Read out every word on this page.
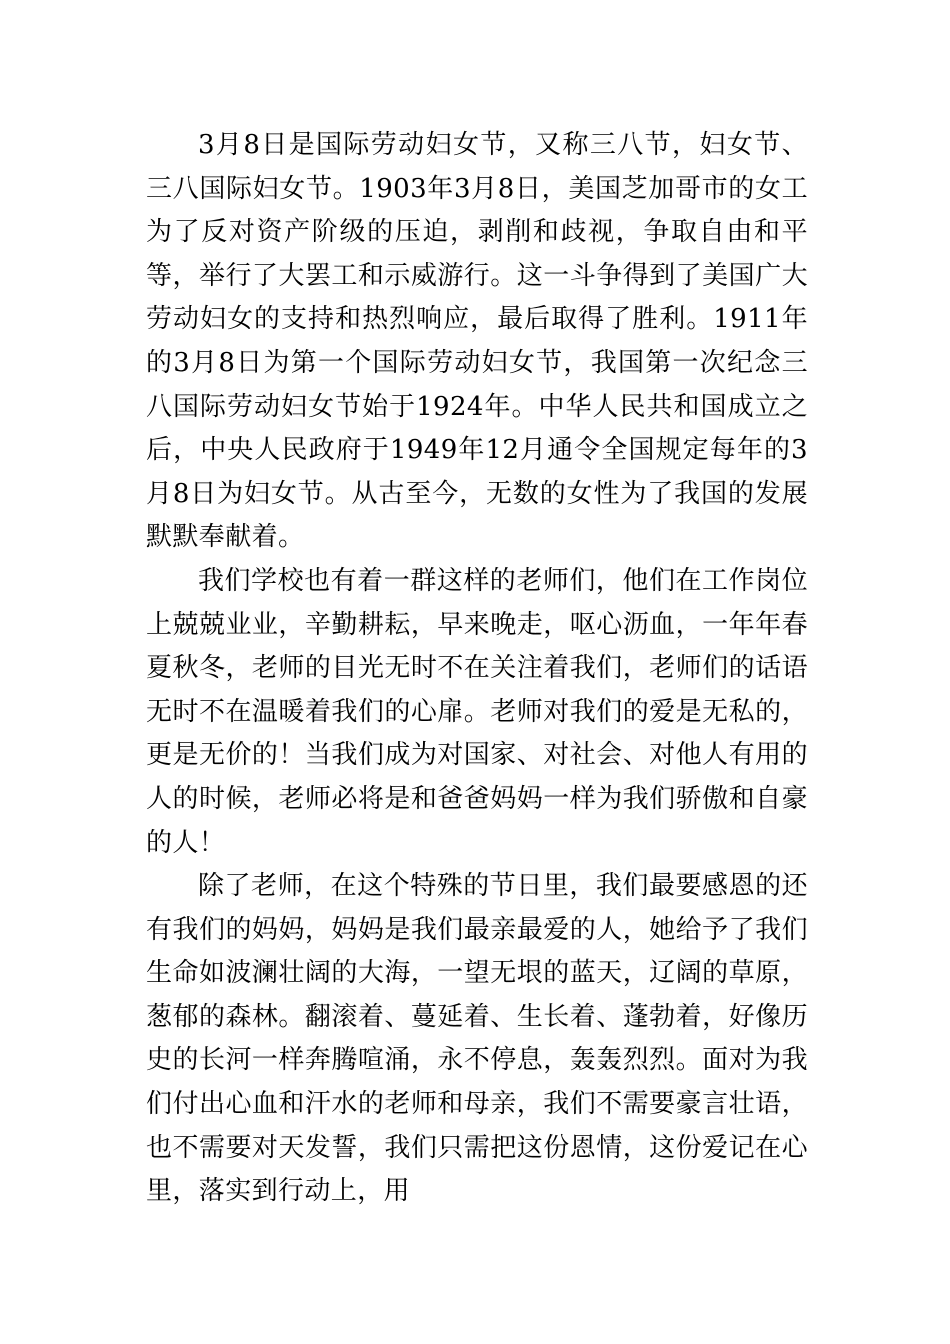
3月8日是国际劳动妇女节，又称三八节，妇女节、三八国际妇女节。1903年3月8日，美国芝加哥市的女工为了反对资产阶级的压迫，剥削和歧视，争取自由和平等，举行了大罢工和示威游行。这一斗争得到了美国广大劳动妇女的支持和热烈响应，最后取得了胜利。1911年的3月8日为第一个国际劳动妇女节，我国第一次纪念三八国际劳动妇女节始于1924年。中华人民共和国成立之后，中央人民政府于1949年12月通令全国规定每年的3月8日为妇女节。从古至今，无数的女性为了我国的发展默默奉献着。

我们学校也有着一群这样的老师们，他们在工作岗位上兢兢业业，辛勤耕耘，早来晚走，呕心沥血，一年年春夏秋冬，老师的目光无时不在关注着我们，老师们的话语无时不在温暖着我们的心扉。老师对我们的爱是无私的，更是无价的！当我们成为对国家、对社会、对他人有用的人的时候，老师必将是和爸爸妈妈一样为我们骄傲和自豪的人！

除了老师，在这个特殊的节日里，我们最要感恩的还有我们的妈妈，妈妈是我们最亲最爱的人，她给予了我们生命如波澜壮阔的大海，一望无垠的蓝天，辽阔的草原，葱郁的森林。翻滚着、蔓延着、生长着、蓬勃着，好像历史的长河一样奔腾喧涌，永不停息，轰轰烈烈。面对为我们付出心血和汗水的老师和母亲，我们不需要豪言壮语，也不需要对天发誓，我们只需把这份恩情，这份爱记在心里，落实到行动上，用
